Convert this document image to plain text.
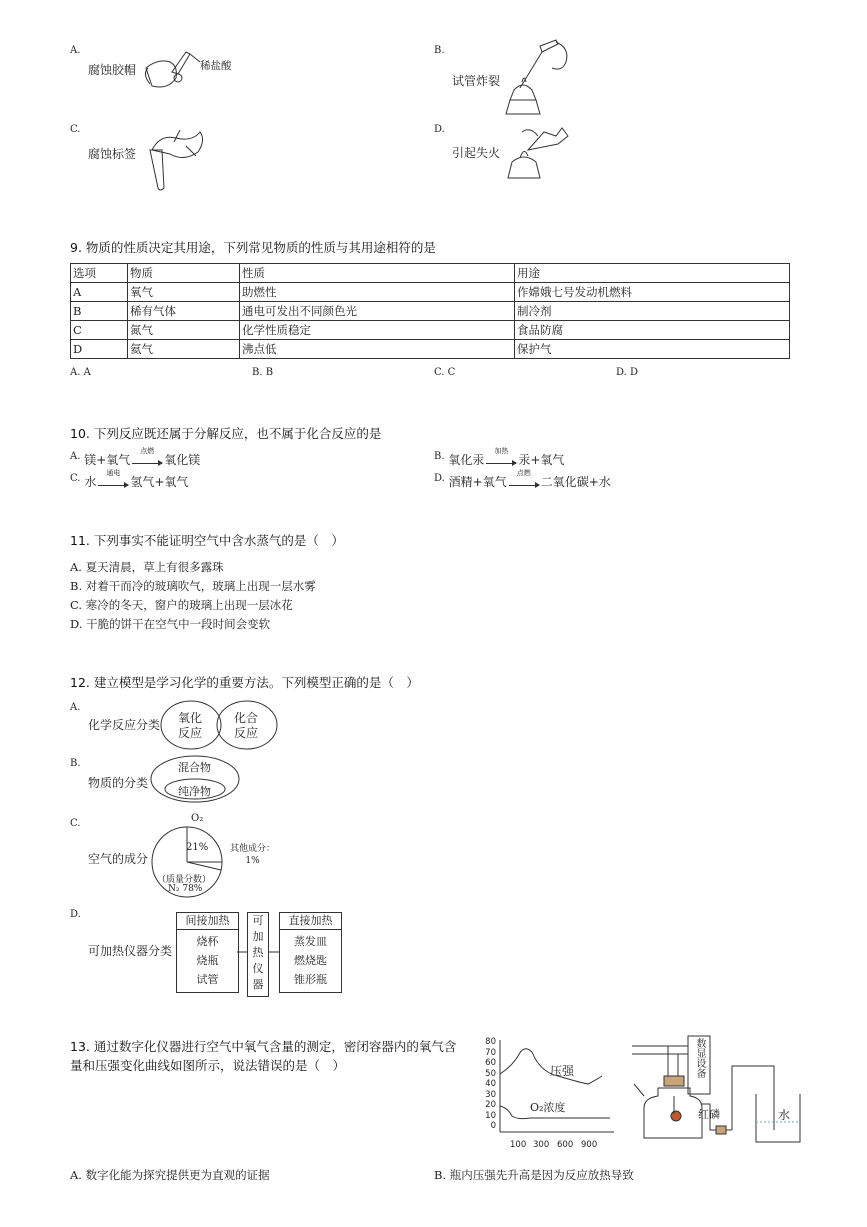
A.
腐蚀胶帽	稀盐酸
B.
试管炸裂
C.
腐蚀标签
D.
引起失火
9. 物质的性质决定其用途，下列常见物质的性质与其用途相符的是
选项	物质	性质	用途
A	氧气	助燃性	作嫦娥七号发动机燃料
B	稀有气体	通电可发出不同颜色光	制冷剂
C	氮气	化学性质稳定	食品防腐
D	氦气	沸点低	保护气
A. A	B. B	C. C	D. D
10. 下列反应既还属于分解反应，也不属于化合反应的是
$^{A.}$ 镁+氧气
点燃
氧化镁	$^{B.}$ 氧化汞
加热
汞+氧气
$^{C.}$ 水
通电
氢气+氧气	$^{D.}$ 酒精+氧气
点燃
二氧化碳+水
11. 下列事实不能证明空气中含水蒸气的是（　）
A. 夏天清晨，草上有很多露珠
B. 对着干而冷的玻璃吹气，玻璃上出现一层水雾
C. 寒冷的冬天，窗户的玻璃上出现一层冰花
D. 干脆的饼干在空气中一段时间会变软
12. 建立模型是学习化学的重要方法。下列模型正确的是（　）
A.
化学反应分类 氧化
反应
化合
反应
B.
物质的分类
混合物
纯净物
C.
空气的成分
O₂
21% 其他成分：
1%
（质量分数）
N₂ 78%
D.
可加热仪器分类
间接加热
烧杯
烧瓶
试管
可
加
热
仪
器
直接加热
蒸发皿
燃烧匙
锥形瓶
13. 通过数字化仪器进行空气中氧气含量的测定，密闭容器内的氧气含
量和压强变化曲线如图所示，说法错误的是（　）
80
70
60
50
40
30
20
10
0
100 300 600 900
压强
O₂浓度
数显设备
红磷	水
A. 数字化能为探究提供更为直观的证据	B. 瓶内压强先升高是因为反应放热导致
